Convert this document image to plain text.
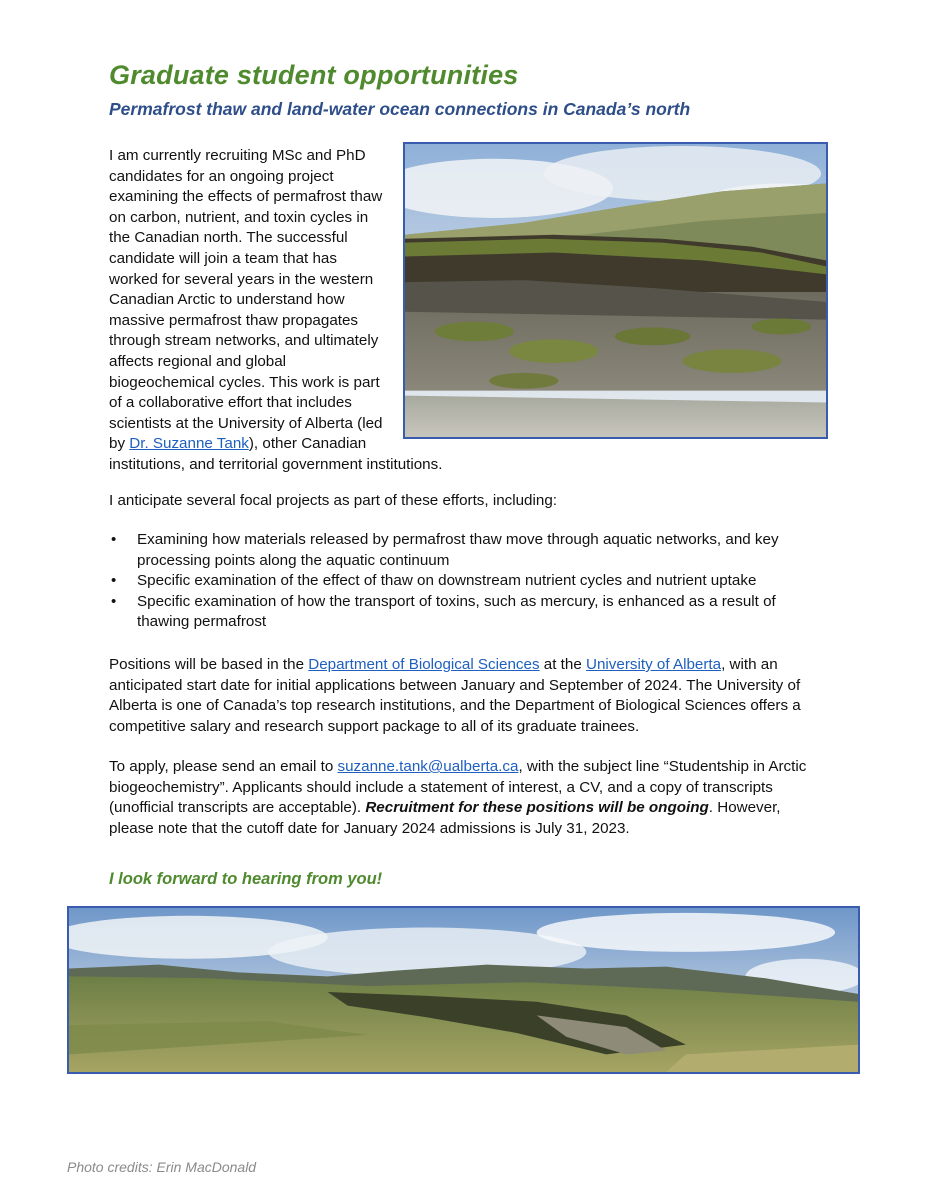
Graduate student opportunities
Permafrost thaw and land-water ocean connections in Canada’s north

I am currently recruiting MSc and PhD candidates for an ongoing project examining the effects of permafrost thaw on carbon, nutrient, and toxin cycles in the Canadian north. The successful candidate will join a team that has worked for several years in the western Canadian Arctic to understand how massive permafrost thaw propagates through stream networks, and ultimately affects regional and global biogeochemical cycles. This work is part of a collaborative effort that includes scientists at the University of Alberta (led by Dr. Suzanne Tank), other Canadian institutions, and territorial government institutions.

I anticipate several focal projects as part of these efforts, including:

• Examining how materials released by permafrost thaw move through aquatic networks, and key processing points along the aquatic continuum
• Specific examination of the effect of thaw on downstream nutrient cycles and nutrient uptake
• Specific examination of how the transport of toxins, such as mercury, is enhanced as a result of thawing permafrost

Positions will be based in the Department of Biological Sciences at the University of Alberta, with an anticipated start date for initial applications between January and September of 2024. The University of Alberta is one of Canada’s top research institutions, and the Department of Biological Sciences offers a competitive salary and research support package to all of its graduate trainees.

To apply, please send an email to suzanne.tank@ualberta.ca, with the subject line “Studentship in Arctic biogeochemistry”. Applicants should include a statement of interest, a CV, and a copy of transcripts (unofficial transcripts are acceptable). Recruitment for these positions will be ongoing. However, please note that the cutoff date for January 2024 admissions is July 31, 2023.

I look forward to hearing from you!

Photo credits: Erin MacDonald
